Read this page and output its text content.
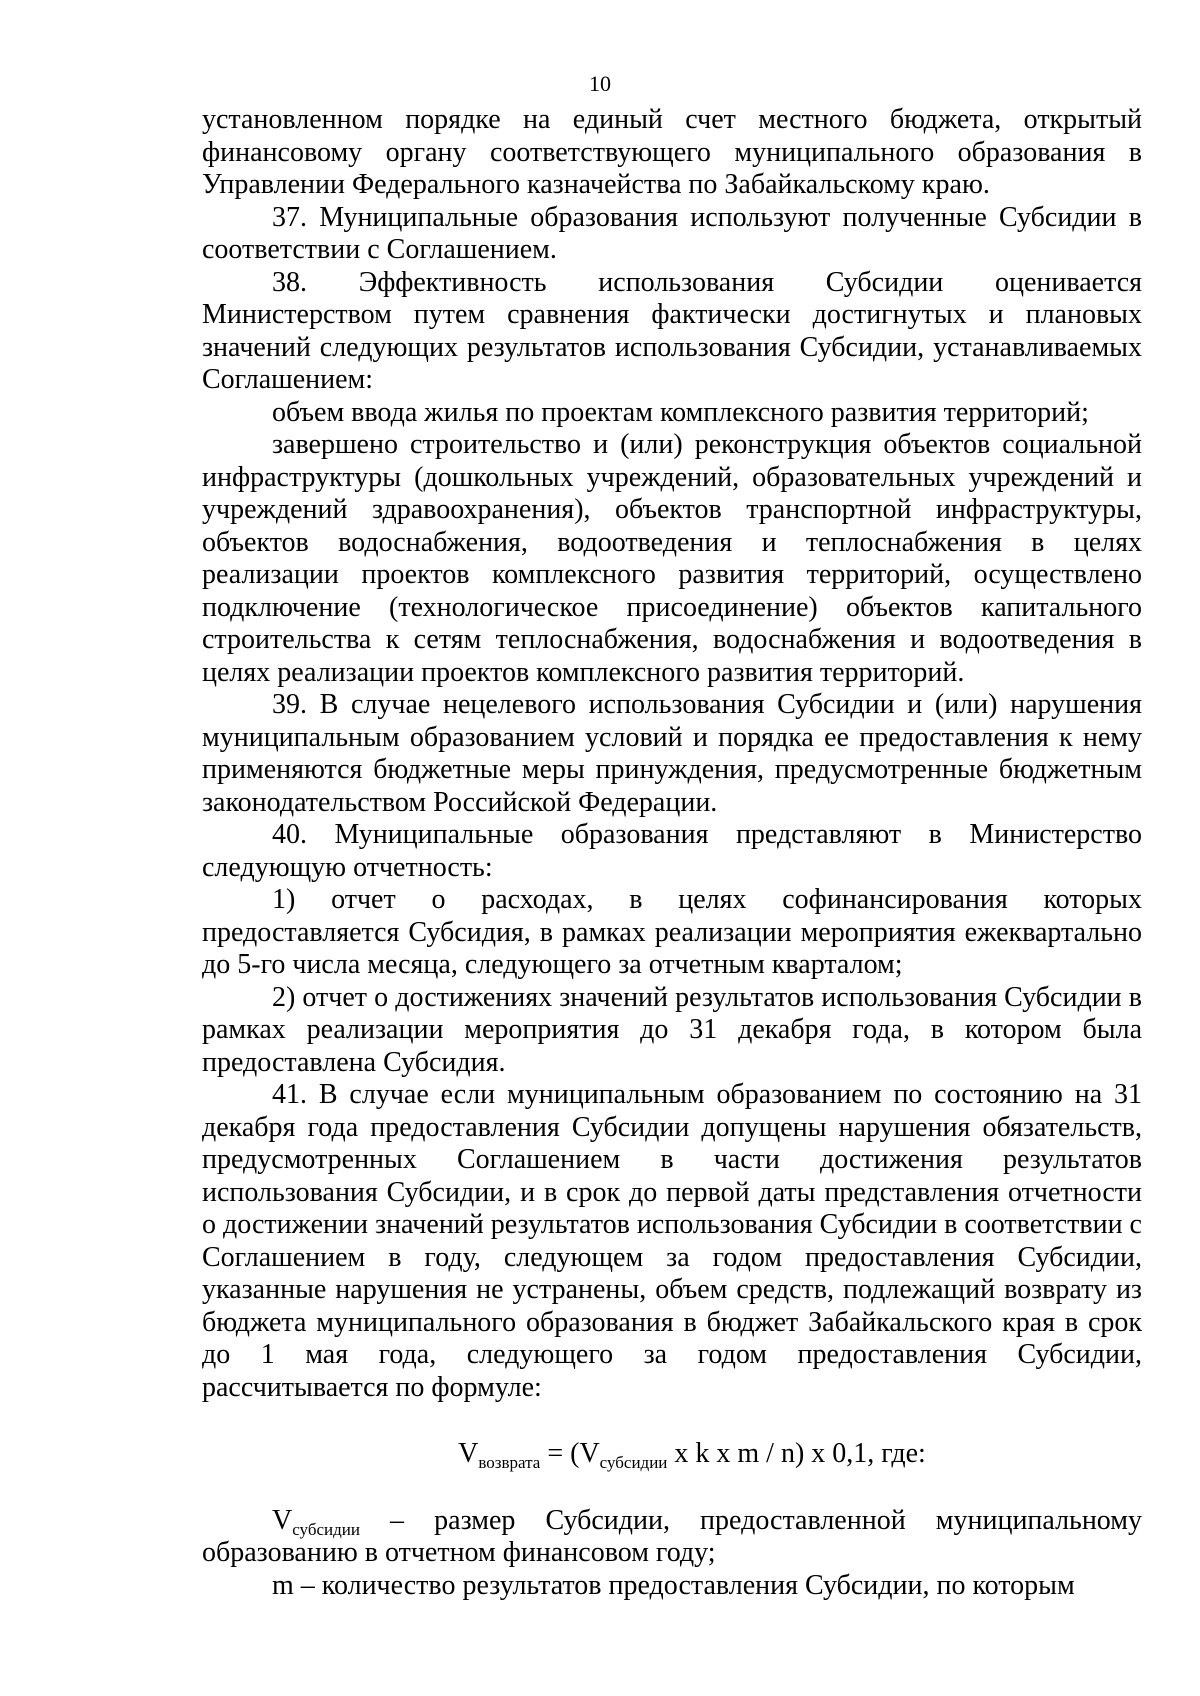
10

установленном порядке на единый счет местного бюджета, открытый финансовому органу соответствующего муниципального образования в Управлении Федерального казначейства по Забайкальскому краю.

37. Муниципальные образования используют полученные Субсидии в соответствии с Соглашением.

38. Эффективность использования Субсидии оценивается Министерством путем сравнения фактически достигнутых и плановых значений следующих результатов использования Субсидии, устанавливаемых Соглашением:

объем ввода жилья по проектам комплексного развития территорий;

завершено строительство и (или) реконструкция объектов социальной инфраструктуры (дошкольных учреждений, образовательных учреждений и учреждений здравоохранения), объектов транспортной инфраструктуры, объектов водоснабжения, водоотведения и теплоснабжения в целях реализации проектов комплексного развития территорий, осуществлено подключение (технологическое присоединение) объектов капитального строительства к сетям теплоснабжения, водоснабжения и водоотведения в целях реализации проектов комплексного развития территорий.

39. В случае нецелевого использования Субсидии и (или) нарушения муниципальным образованием условий и порядка ее предоставления к нему применяются бюджетные меры принуждения, предусмотренные бюджетным законодательством Российской Федерации.

40. Муниципальные образования представляют в Министерство следующую отчетность:

1) отчет о расходах, в целях софинансирования которых предоставляется Субсидия, в рамках реализации мероприятия ежеквартально до 5-го числа месяца, следующего за отчетным кварталом;

2) отчет о достижениях значений результатов использования Субсидии в рамках реализации мероприятия до 31 декабря года, в котором была предоставлена Субсидия.

41. В случае если муниципальным образованием по состоянию на 31 декабря года предоставления Субсидии допущены нарушения обязательств, предусмотренных Соглашением в части достижения результатов использования Субсидии, и в срок до первой даты представления отчетности о достижении значений результатов использования Субсидии в соответствии с Соглашением в году, следующем за годом предоставления Субсидии, указанные нарушения не устранены, объем средств, подлежащий возврату из бюджета муниципального образования в бюджет Забайкальского края в срок до 1 мая года, следующего за годом предоставления Субсидии, рассчитывается по формуле:

$V_{возврата} = (V_{субсидии}$ x k x m / n) x 0,1, где:

$V_{субсидии}$ – размер Субсидии, предоставленной муниципальному образованию в отчетном финансовом году;

m – количество результатов предоставления Субсидии, по которым
